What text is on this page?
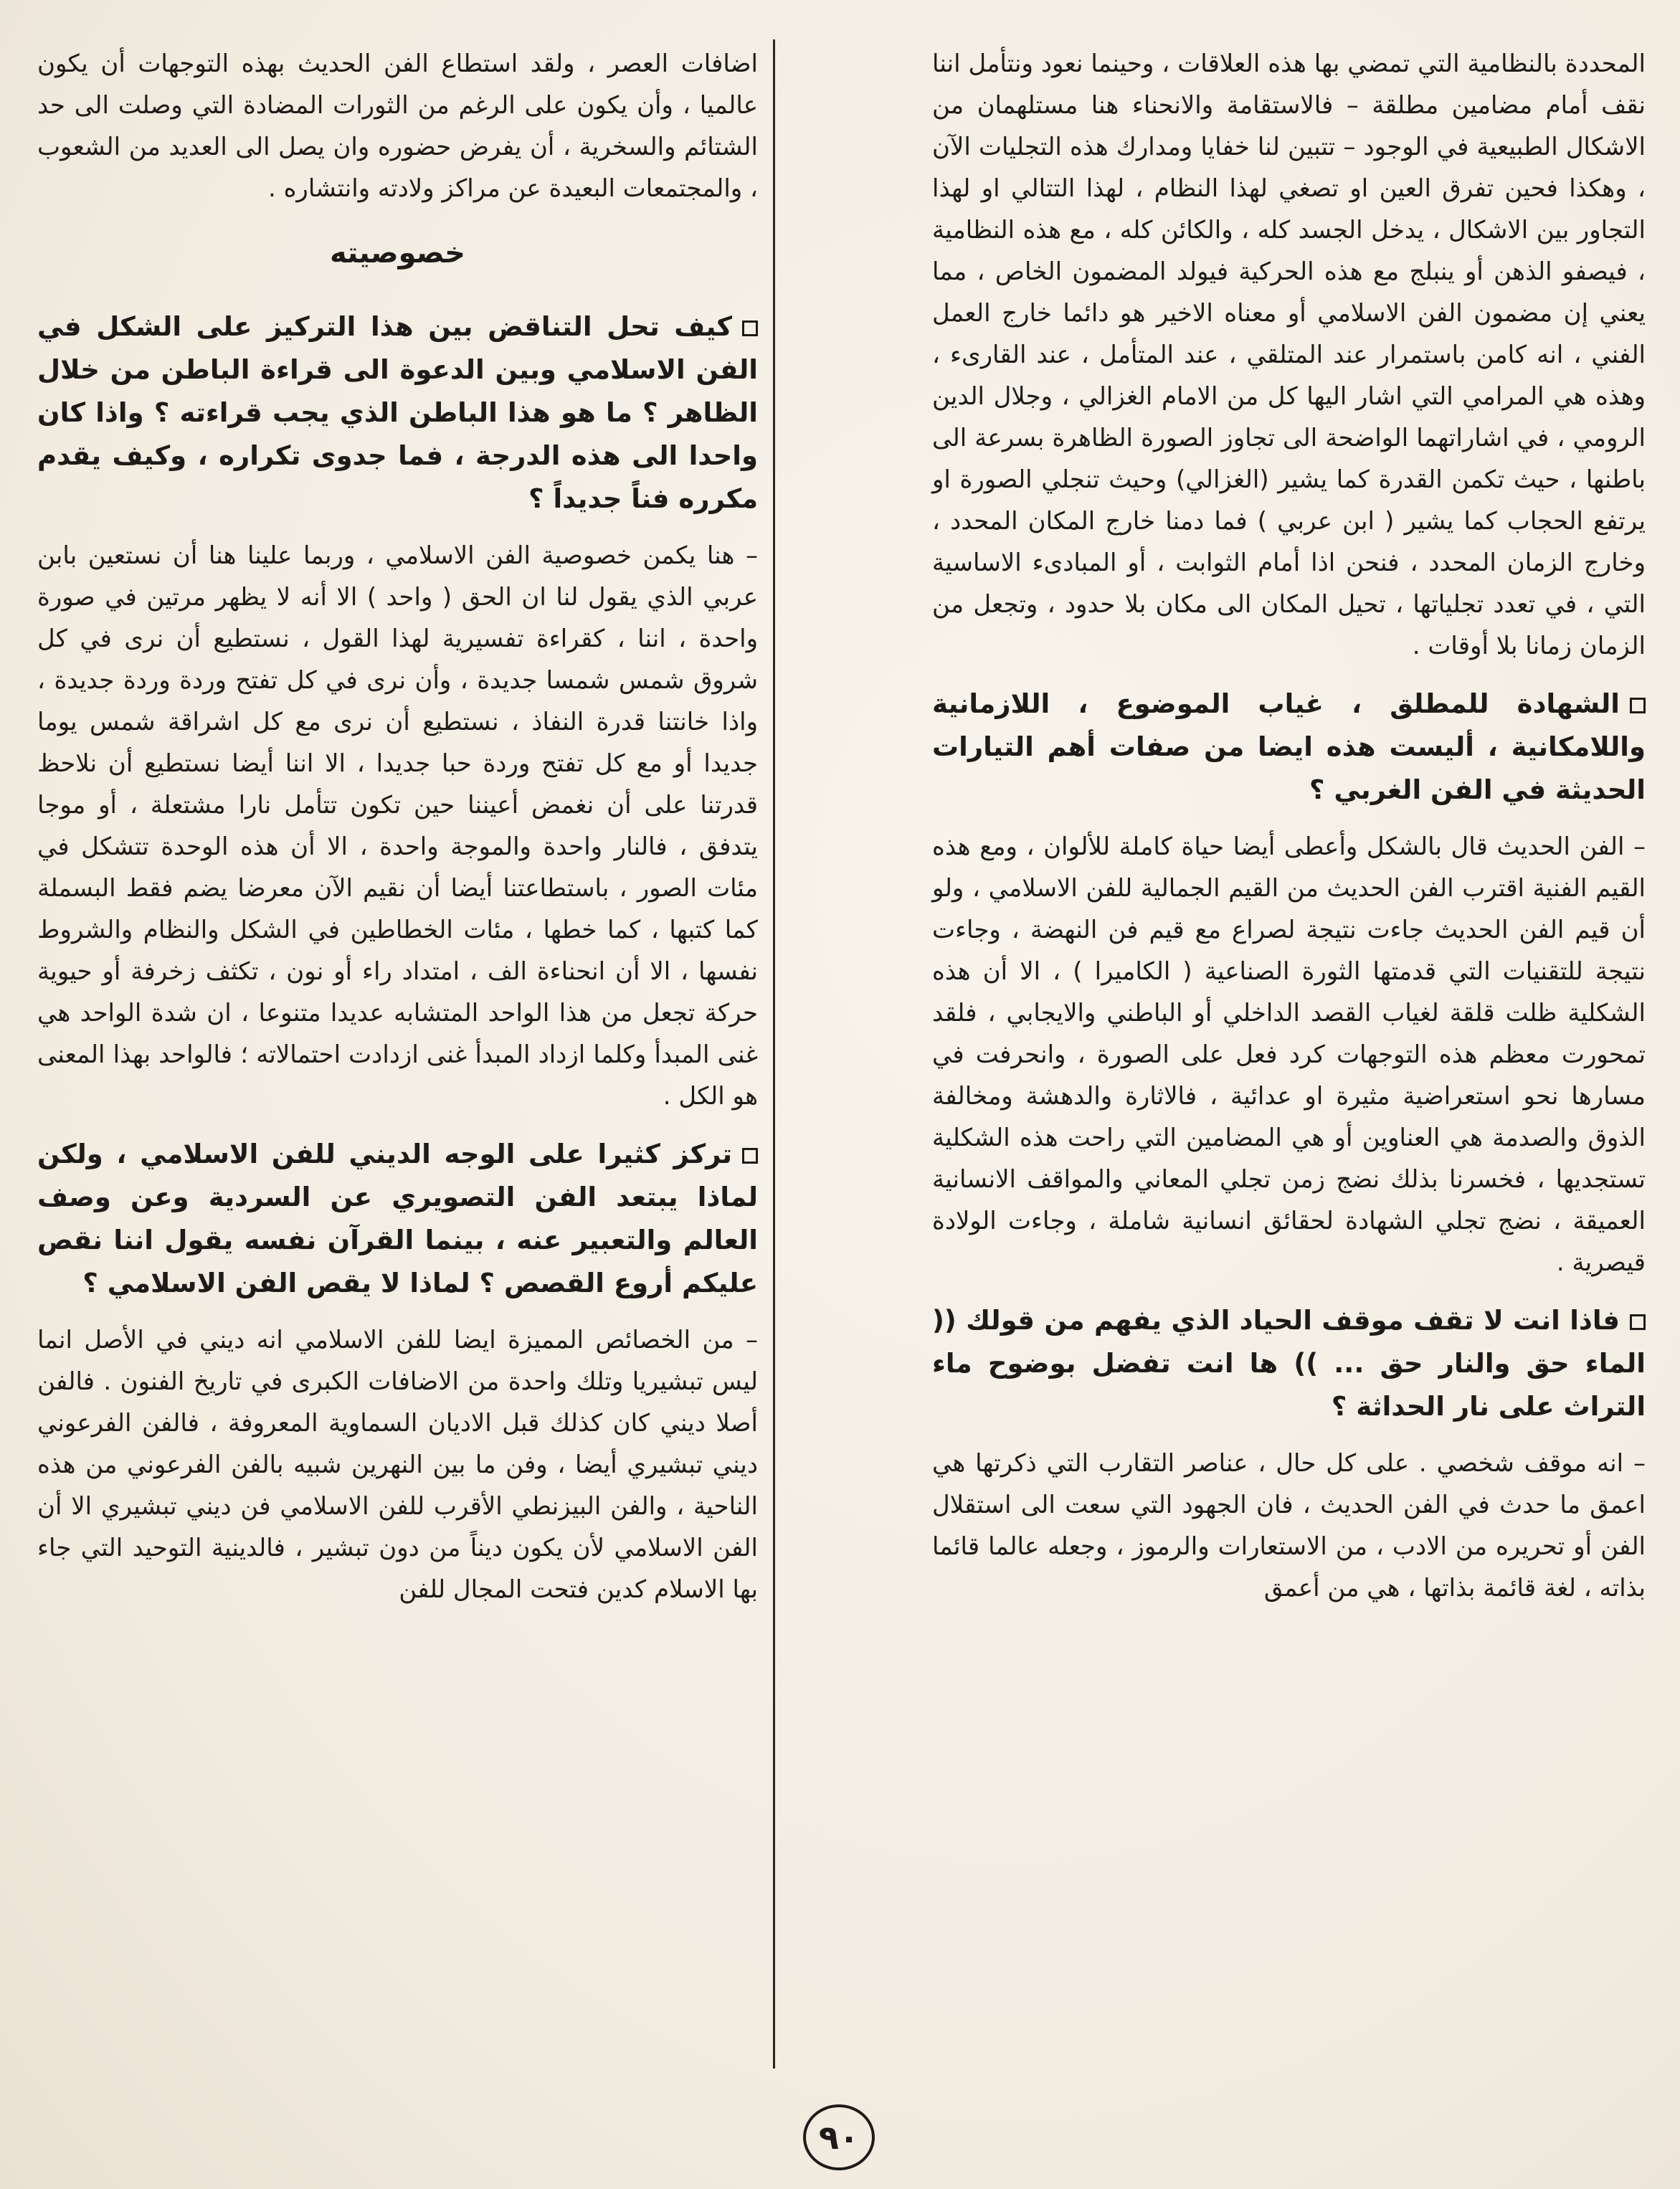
المحددة بالنظامية التي تمضي بها هذه العلاقات ، وحينما نعود ونتأمل اننا نقف أمام مضامين مطلقة – فالاستقامة والانحناء هنا مستلهمان من الاشكال الطبيعية في الوجود – تتبين لنا خفايا ومدارك هذه التجليات الآن ، وهكذا فحين تفرق العين او تصغي لهذا النظام ، لهذا التتالي او لهذا التجاور بين الاشكال ، يدخل الجسد كله ، والكائن كله ، مع هذه النظامية ، فيصفو الذهن أو ينبلج مع هذه الحركية فيولد المضمون الخاص ، مما يعني إن مضمون الفن الاسلامي أو معناه الاخير هو دائما خارج العمل الفني ، انه كامن باستمرار عند المتلقي ، عند المتأمل ، عند القارىء ، وهذه هي المرامي التي اشار اليها كل من الامام الغزالي ، وجلال الدين الرومي ، في اشاراتهما الواضحة الى تجاوز الصورة الظاهرة بسرعة الى باطنها ، حيث تكمن القدرة كما يشير (الغزالي) وحيث تنجلي الصورة او يرتفع الحجاب كما يشير ( ابن عربي ) فما دمنا خارج المكان المحدد ، وخارج الزمان المحدد ، فنحن اذا أمام الثوابت ، أو المبادىء الاساسية التي ، في تعدد تجلياتها ، تحيل المكان الى مكان بلا حدود ، وتجعل من الزمان زمانا بلا أوقات .

الشهادة للمطلق ، غياب الموضوع ، اللازمانية واللامكانية ، أليست هذه ايضا من صفات أهم التيارات الحديثة في الفن الغربي ؟

– الفن الحديث قال بالشكل وأعطى أيضا حياة كاملة للألوان ، ومع هذه القيم الفنية اقترب الفن الحديث من القيم الجمالية للفن الاسلامي ، ولو أن قيم الفن الحديث جاءت نتيجة لصراع مع قيم فن النهضة ، وجاءت نتيجة للتقنيات التي قدمتها الثورة الصناعية ( الكاميرا ) ، الا أن هذه الشكلية ظلت قلقة لغياب القصد الداخلي أو الباطني والايجابي ، فلقد تمحورت معظم هذه التوجهات كرد فعل على الصورة ، وانحرفت في مسارها نحو استعراضية مثيرة او عدائية ، فالاثارة والدهشة ومخالفة الذوق والصدمة هي العناوين أو هي المضامين التي راحت هذه الشكلية تستجديها ، فخسرنا بذلك نضج زمن تجلي المعاني والمواقف الانسانية العميقة ، نضج تجلي الشهادة لحقائق انسانية شاملة ، وجاءت الولادة قيصرية .

فاذا انت لا تقف موقف الحياد الذي يفهم من قولك (( الماء حق والنار حق ... )) ها انت تفضل بوضوح ماء التراث على نار الحداثة ؟

– انه موقف شخصي . على كل حال ، عناصر التقارب التي ذكرتها هي اعمق ما حدث في الفن الحديث ، فان الجهود التي سعت الى استقلال الفن أو تحريره من الادب ، من الاستعارات والرموز ، وجعله عالما قائما بذاته ، لغة قائمة بذاتها ، هي من أعمق

اضافات العصر ، ولقد استطاع الفن الحديث بهذه التوجهات أن يكون عالميا ، وأن يكون على الرغم من الثورات المضادة التي وصلت الى حد الشتائم والسخرية ، أن يفرض حضوره وان يصل الى العديد من الشعوب ، والمجتمعات البعيدة عن مراكز ولادته وانتشاره .

خصوصيته

كيف تحل التناقض بين هذا التركيز على الشكل في الفن الاسلامي وبين الدعوة الى قراءة الباطن من خلال الظاهر ؟ ما هو هذا الباطن الذي يجب قراءته ؟ واذا كان واحدا الى هذه الدرجة ، فما جدوى تكراره ، وكيف يقدم مكرره فناً جديداً ؟

– هنا يكمن خصوصية الفن الاسلامي ، وربما علينا هنا أن نستعين بابن عربي الذي يقول لنا ان الحق ( واحد ) الا أنه لا يظهر مرتين في صورة واحدة ، اننا ، كقراءة تفسيرية لهذا القول ، نستطيع أن نرى في كل شروق شمس شمسا جديدة ، وأن نرى في كل تفتح وردة وردة جديدة ، واذا خانتنا قدرة النفاذ ، نستطيع أن نرى مع كل اشراقة شمس يوما جديدا أو مع كل تفتح وردة حبا جديدا ، الا اننا أيضا نستطيع أن نلاحظ قدرتنا على أن نغمض أعيننا حين تكون تتأمل نارا مشتعلة ، أو موجا يتدفق ، فالنار واحدة والموجة واحدة ، الا أن هذه الوحدة تتشكل في مئات الصور ، باستطاعتنا أيضا أن نقيم الآن معرضا يضم فقط البسملة كما كتبها ، كما خطها ، مئات الخطاطين في الشكل والنظام والشروط نفسها ، الا أن انحناءة الف ، امتداد راء أو نون ، تكثف زخرفة أو حيوية حركة تجعل من هذا الواحد المتشابه عديدا متنوعا ، ان شدة الواحد هي غنى المبدأ وكلما ازداد المبدأ غنى ازدادت احتمالاته ؛ فالواحد بهذا المعنى هو الكل .

تركز كثيرا على الوجه الديني للفن الاسلامي ، ولكن لماذا يبتعد الفن التصويري عن السردية وعن وصف العالم والتعبير عنه ، بينما القرآن نفسه يقول اننا نقص عليكم أروع القصص ؟ لماذا لا يقص الفن الاسلامي ؟

– من الخصائص المميزة ايضا للفن الاسلامي انه ديني في الأصل انما ليس تبشيريا وتلك واحدة من الاضافات الكبرى في تاريخ الفنون . فالفن أصلا ديني كان كذلك قبل الاديان السماوية المعروفة ، فالفن الفرعوني ديني تبشيري أيضا ، وفن ما بين النهرين شبيه بالفن الفرعوني من هذه الناحية ، والفن البيزنطي الأقرب للفن الاسلامي فن ديني تبشيري الا أن الفن الاسلامي لأن يكون ديناً من دون تبشير ، فالدينية التوحيد التي جاء بها الاسلام كدين فتحت المجال للفن

٩٠
